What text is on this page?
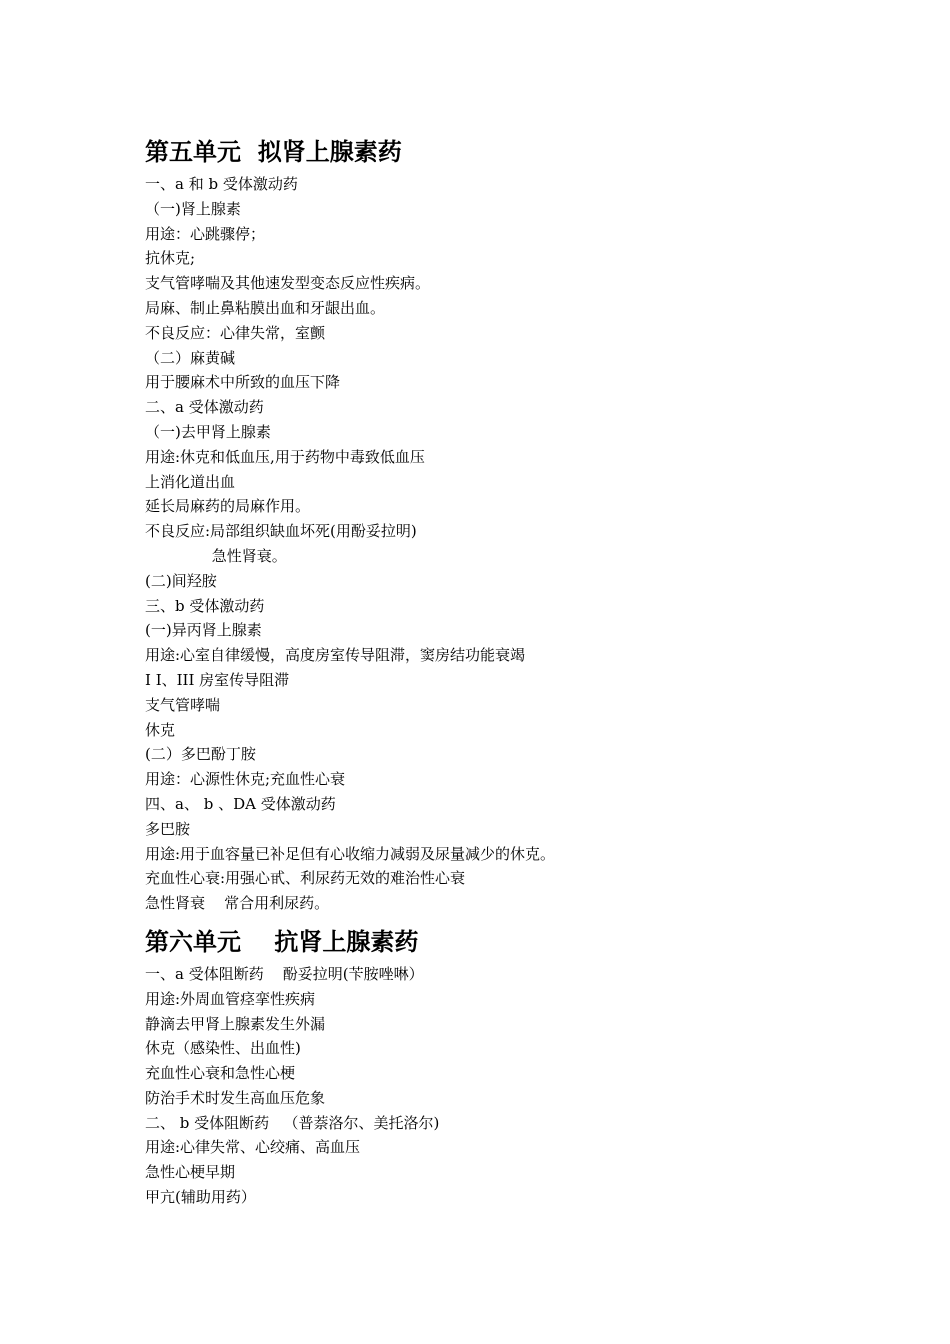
第五单元  拟肾上腺素药

一、a 和 b 受体激动药

（一)肾上腺素

用途：心跳骤停；

抗休克;

支气管哮喘及其他速发型变态反应性疾病。

局麻、制止鼻粘膜出血和牙龈出血。

不良反应：心律失常，室颤

（二）麻黄碱

用于腰麻术中所致的血压下降

二、a 受体激动药

（一)去甲肾上腺素

用途:休克和低血压,用于药物中毒致低血压

上消化道出血

延长局麻药的局麻作用。

不良反应:局部组织缺血坏死(用酚妥拉明)

急性肾衰。

(二)间羟胺

三、b 受体激动药

(一)异丙肾上腺素

用途:心室自律缓慢，高度房室传导阻滞，窦房结功能衰竭

I Ⅰ、III 房室传导阻滞

支气管哮喘

休克

(二）多巴酚丁胺

用途：心源性休克;充血性心衰

四、a、 b 、DA 受体激动药

多巴胺

用途:用于血容量已补足但有心收缩力减弱及尿量减少的休克。

充血性心衰:用强心甙、利尿药无效的难治性心衰

急性肾衰    常合用利尿药。

第六单元    抗肾上腺素药

一、a 受体阻断药    酚妥拉明(苄胺唑啉）

用途:外周血管痉挛性疾病

静滴去甲肾上腺素发生外漏

休克（感染性、出血性)

充血性心衰和急性心梗

防治手术时发生高血压危象

二、 b 受体阻断药   （普萘洛尔、美托洛尔)

用途:心律失常、心绞痛、高血压

急性心梗早期

甲亢(辅助用药）
